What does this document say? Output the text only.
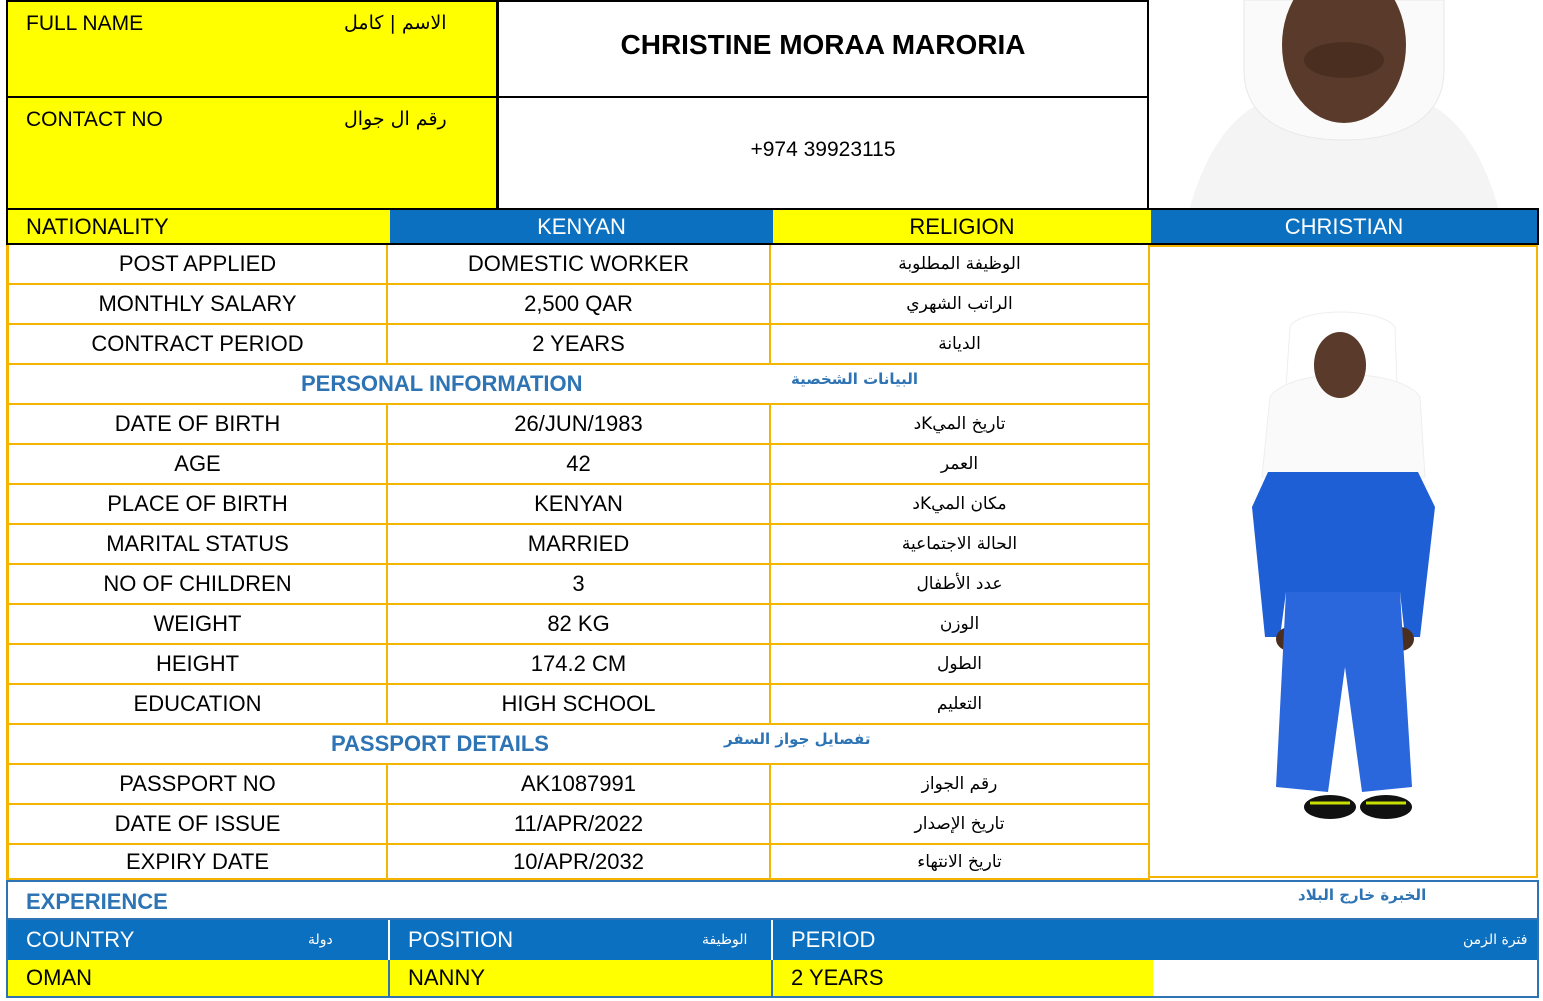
FULL NAME	الاسم | كامل
CHRISTINE MORAA MARORIA
CONTACT NO	رقم ال جوال
+974 39923115
NATIONALITY	KENYAN	RELIGION	CHRISTIAN
POST APPLIED	DOMESTIC WORKER	الوظيفة المطلوبة
MONTHLY SALARY	2,500 QAR	الراتب الشهري
CONTRACT PERIOD	2 YEARS	الديانة
PERSONAL INFORMATION	البيانات الشخصية
DATE OF BIRTH	26/JUN/1983	تاريخ الميKد
AGE	42	العمر
PLACE OF BIRTH	KENYAN	مكان الميKد
MARITAL STATUS	MARRIED	الحالة الاجتماعية
NO OF CHILDREN	3	عدد الأطفال
WEIGHT	82 KG	الوزن
HEIGHT	174.2 CM	الطول
EDUCATION	HIGH SCHOOL	التعليم
PASSPORT DETAILS	تفصايل جواز السفر
PASSPORT NO	AK1087991	رقم الجواز
DATE OF ISSUE	11/APR/2022	تاريخ الإصدار
EXPIRY DATE	10/APR/2032	تاريخ الانتهاء
EXPERIENCE	الخبرة خارج البلاد
COUNTRY	دولة	POSITION	الوظيفة PERIOD	فترة الزمن
OMAN	NANNY	2 YEARS
